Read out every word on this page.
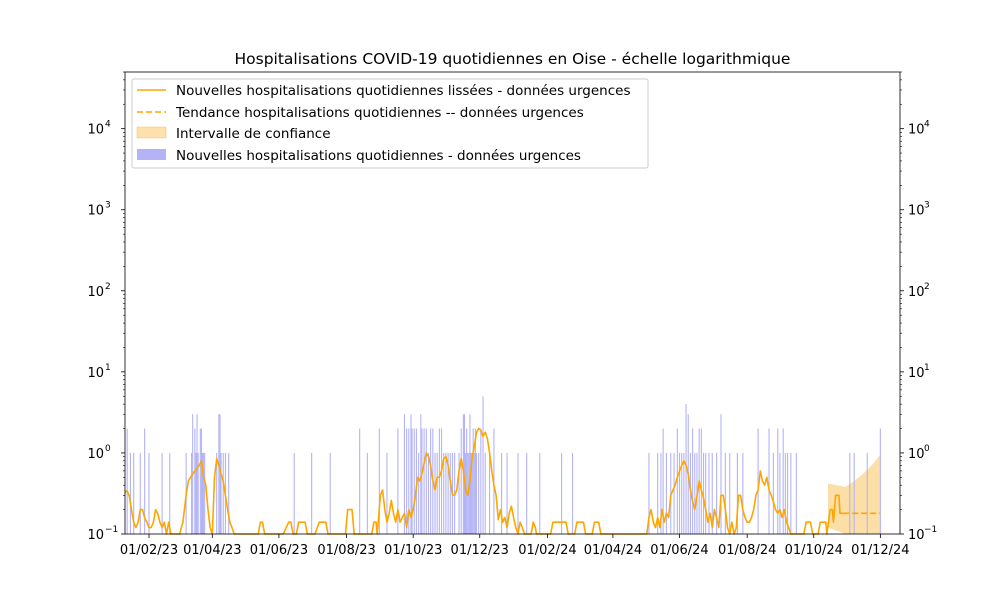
01/02/23 01/04/23 01/06/23 01/08/23 01/10/23 01/12/23 01/02/24 01/04/24 01/06/24 01/08/24 01/10/24 01/12/24
10 −1
10 0
10 1
10 2
10 3
10 4
10 −1
10 0
10 1
10 2
10 3
10 4
Hospitalisations COVID-19 quotidiennes en Oise - échelle logarithmique
Nouvelles hospitalisations quotidiennes lissées - données urgences
Tendance hospitalisations quotidiennes -- données urgences
Intervalle de confiance
Nouvelles hospitalisations quotidiennes - données urgences
